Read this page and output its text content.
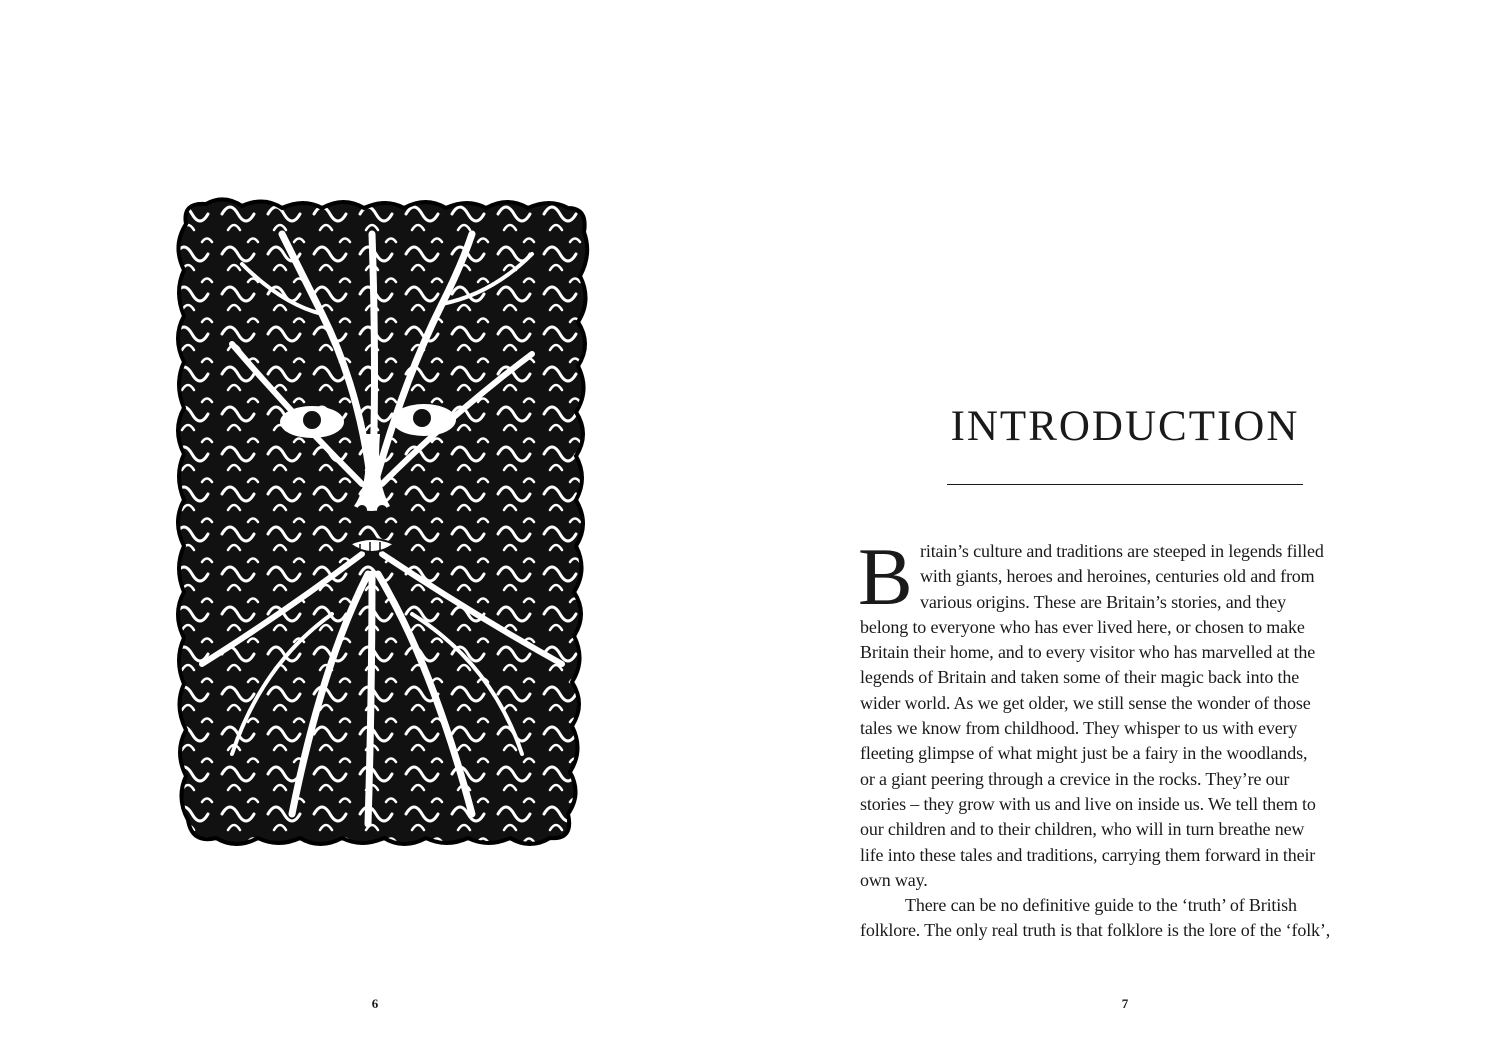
6
INTRODUCTION
B ritain’s culture and traditions are steeped in legends filled
with giants, heroes and heroines, centuries old and from
various origins. These are Britain’s stories, and they
belong to everyone who has ever lived here, or chosen to make
Britain their home, and to every visitor who has marvelled at the
legends of Britain and taken some of their magic back into the
wider world. As we get older, we still sense the wonder of those
tales we know from childhood. They whisper to us with every
fleeting glimpse of what might just be a fairy in the woodlands,
or a giant peering through a crevice in the rocks. They’re our
stories – they grow with us and live on inside us. We tell them to
our children and to their children, who will in turn breathe new
life into these tales and traditions, carrying them forward in their
own way.
There can be no definitive guide to the ‘truth’ of British
folklore. The only real truth is that folklore is the lore of the ‘folk’,
7
